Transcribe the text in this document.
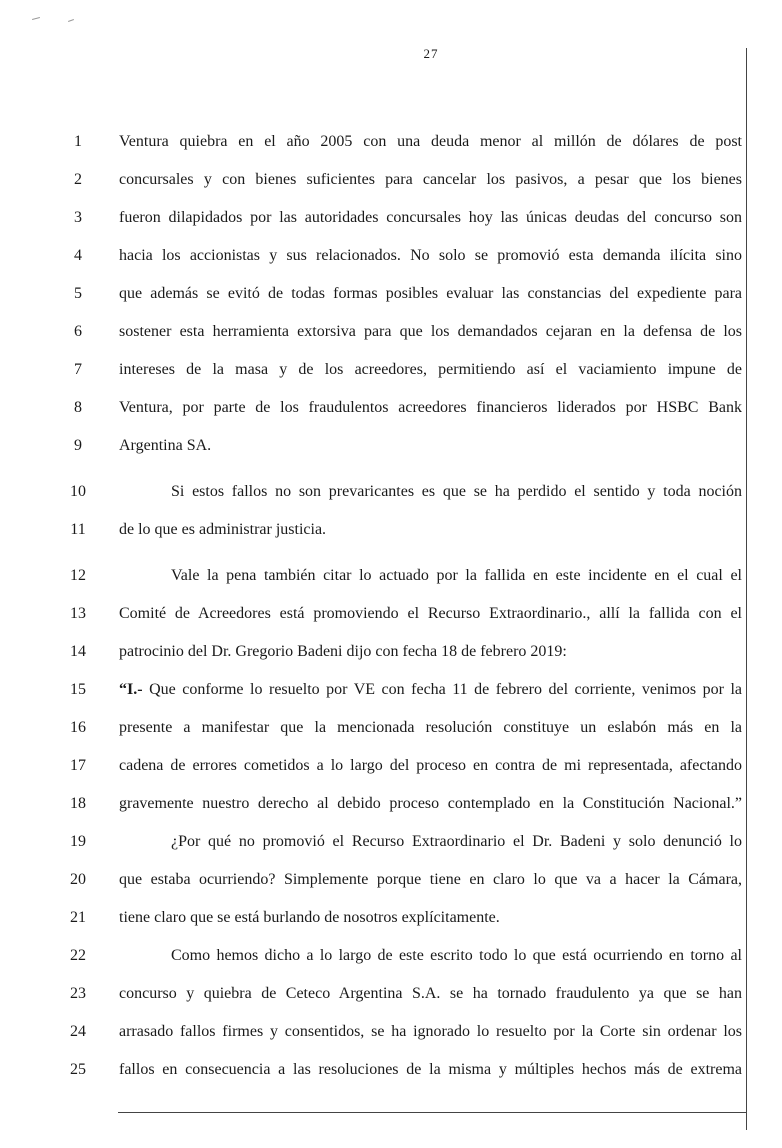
27
1	Ventura quiebra en el año 2005 con una deuda menor al millón de dólares de post
2	concursales y con bienes suficientes para cancelar los pasivos, a pesar que los bienes
3	fueron dilapidados por las autoridades concursales hoy las únicas deudas del concurso son
4	hacia los accionistas y sus relacionados. No solo se promovió esta demanda ilícita sino
5	que además se evitó de todas formas posibles evaluar las constancias del expediente para
6	sostener esta herramienta extorsiva para que los demandados cejaran en la defensa de los
7	intereses de la masa y de los acreedores, permitiendo así el vaciamiento impune de
8	Ventura, por parte de los fraudulentos acreedores financieros liderados por HSBC Bank
9	Argentina SA.
10	Si estos fallos no son prevaricantes es que se ha perdido el sentido y toda noción
11	de lo que es administrar justicia.
12	Vale la pena también citar lo actuado por la fallida en este incidente en el cual el
13	Comité de Acreedores está promoviendo el Recurso Extraordinario., allí la fallida con el
14	patrocinio del Dr. Gregorio Badeni dijo con fecha 18 de febrero 2019:
15	“I.- Que conforme lo resuelto por VE con fecha 11 de febrero del corriente, venimos por la
16	presente a manifestar que la mencionada resolución constituye un eslabón más en la
17	cadena de errores cometidos a lo largo del proceso en contra de mi representada, afectando
18	gravemente nuestro derecho al debido proceso contemplado en la Constitución Nacional.”
19	¿Por qué no promovió el Recurso Extraordinario el Dr. Badeni y solo denunció lo
20	que estaba ocurriendo? Simplemente porque tiene en claro lo que va a hacer la Cámara,
21	tiene claro que se está burlando de nosotros explícitamente.
22	Como hemos dicho a lo largo de este escrito todo lo que está ocurriendo en torno al
23	concurso y quiebra de Ceteco Argentina S.A. se ha tornado fraudulento ya que se han
24	arrasado fallos firmes y consentidos, se ha ignorado lo resuelto por la Corte sin ordenar los
25	fallos en consecuencia a las resoluciones de la misma y múltiples hechos más de extrema
